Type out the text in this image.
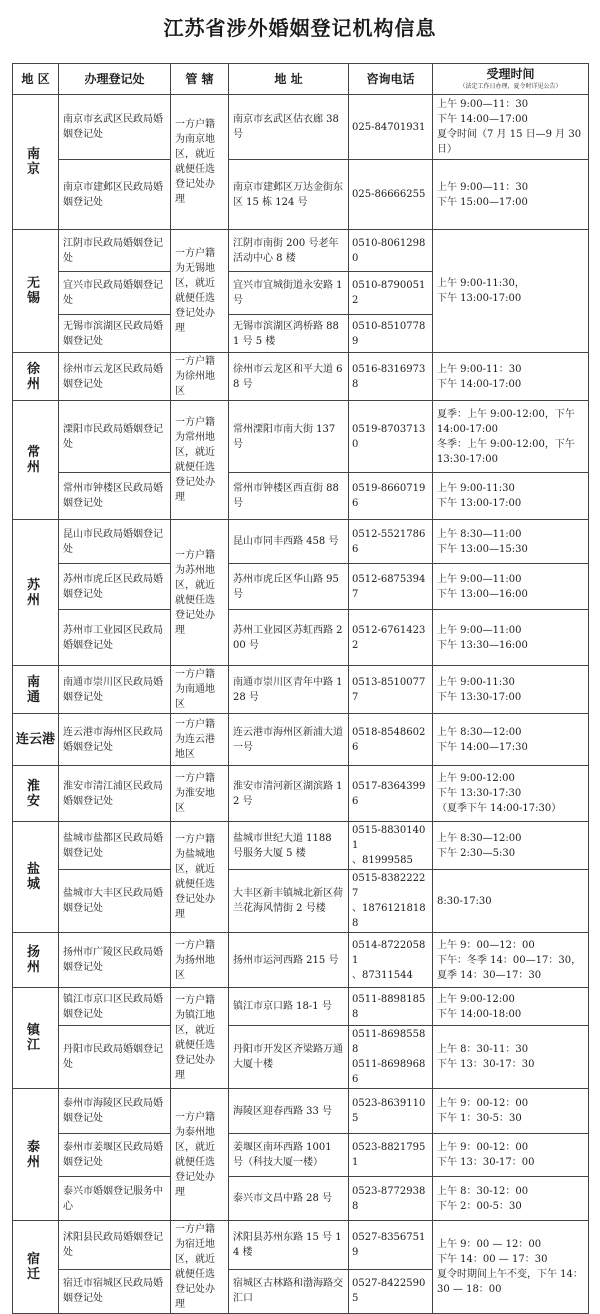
江苏省涉外婚姻登记机构信息
地 区	办理登记处	管 辖	地 址	咨询电话	受理时间
（法定工作日办理，夏令时详见公告）

南 京	南京市玄武区民政局婚姻登记处	一方户籍为南京地区，就近就便任选登记处办理	南京市玄武区估衣廊 38 号	025-84701931	上午 9:00—11：30
下午 14:00—17:00
夏令时间（7 月 15 日—9 月 30 日）

	南京市建邺区民政局婚姻登记处		南京市建邺区万达金街东区 15 栋 124 号	025-86666255	上午 9:00—11：30
下午 15:00—17:00

无 锡	江阴市民政局婚姻登记处	一方户籍为无锡地区，就近就便任选登记处办理	江阴市南街 200 号老年活动中心 8 楼	0510-80612980	上午 9:00-11:30，
下午 13:00-17:00

	宜兴市民政局婚姻登记处		宜兴市宜城街道永安路 1 号	0510-87900512	
	无锡市滨湖区民政局婚姻登记处		无锡市滨湖区鸿桥路 881 号 5 楼	0510-85107789	
徐 州	徐州市云龙区民政局婚姻登记处	一方户籍为徐州地区	徐州市云龙区和平大道 68 号	0516-83169738	上午 9:00-11：30
下午 14:00-17:00

常 州	溧阳市民政局婚姻登记处	一方户籍为常州地区，就近就便任选登记处办理	常州溧阳市南大街 137 号	0519-87037130	夏季：上午 9:00-12:00，下午 14:00-17:00
冬季：上午 9:00-12:00，下午 13:30-17:00

	常州市钟楼区民政局婚姻登记处		常州市钟楼区西直街 88 号	0519-86607196	上午 9:00-11:30
下午 13:00-17:00

苏 州	昆山市民政局婚姻登记处	一方户籍为苏州地区，就近就便任选登记处办理	昆山市同丰西路 458 号	0512-55217866	上午 8:30—11:00
下午 13:00—15:30

	苏州市虎丘区民政局婚姻登记处		苏州市虎丘区华山路 95 号	0512-68753947	上午 9:00—11:00
下午 13:00—16:00

	苏州市工业园区民政局婚姻登记处		苏州工业园区苏虹西路 200 号	0512-67614232	上午 9:00—11:00
下午 13:30—16:00

南 通	南通市崇川区民政局婚姻登记处	一方户籍为南通地区	南通市崇川区青年中路 128 号	0513-85100777	上午 9:00-11:30
下午 13:30-17:00

连云港	连云港市海州区民政局婚姻登记处	一方户籍为连云港地区	连云港市海州区新浦大道一号	0518-85486026	上午 8:30—12:00
下午 14:00—17:30

淮 安	淮安市清江浦区民政局婚姻登记处	一方户籍为淮安地区	淮安市清河新区湖滨路 12 号	0517-83643996	上午 9:00-12:00
下午 13:30-17:30
（夏季下午 14:00-17:30）

盐 城	盐城市盐都区民政局婚姻登记处	一方户籍为盐城地区，就近就便任选登记处办理	盐城市世纪大道 1188 号服务大厦 5 楼	0515-88301401
、81999585	上午 8:30—12:00
下午 2:30—5:30

	盐城市大丰区民政局婚姻登记处		大丰区新丰镇城北新区荷兰花海风情街 2 号楼	0515-83822227
、18761218188	8:30-17:30

扬 州	扬州市广陵区民政局婚姻登记处	一方户籍为扬州地区	扬州市运河西路 215 号	0514-87220581
、87311544	上午 9：00—12：00
下午：冬季 14：00—17：30，夏季 14：30—17：30

镇 江	镇江市京口区民政局婚姻登记处	一方户籍为镇江地区，就近就便任选登记处办理	镇江市京口路 18-1 号	0511-88981858	上午 9:00-12:00
下午 14:00-18:00

	丹阳市民政局婚姻登记处		丹阳市开发区齐梁路万通大厦十楼	0511-86985588
0511-86989686	上午 8：30-11：30
下午 13：30-17：30

泰 州	泰州市海陵区民政局婚姻登记处	一方户籍为泰州地区，就近就便任选登记处办理	海陵区迎春西路 33 号	0523-86391105	上午 9：00-12：00
下午 1：30-5：30

	泰州市姜堰区民政局婚姻登记处		姜堰区南环西路 1001 号（科技大厦一楼）	0523-88217951	上午 9：00-12：00
下午 13：30-17：00

	泰兴市婚姻登记服务中心		泰兴市文昌中路 28 号	0523-87729388	上午 8：30-12：00
下午 2：00-5：30

宿 迁	沭阳县民政局婚姻登记处	一方户籍为宿迁地区，就近就便任选登记处办理	沭阳县苏州东路 15 号 14 楼	0527-83567519	上午 9：00 — 12：00
下午 14：00 — 17：30
夏令时期间上午不变，下午 14：30 — 18：00

	宿迁市宿城区民政局婚姻登记处		宿城区古林路和渤海路交汇口	0527-84225905	
